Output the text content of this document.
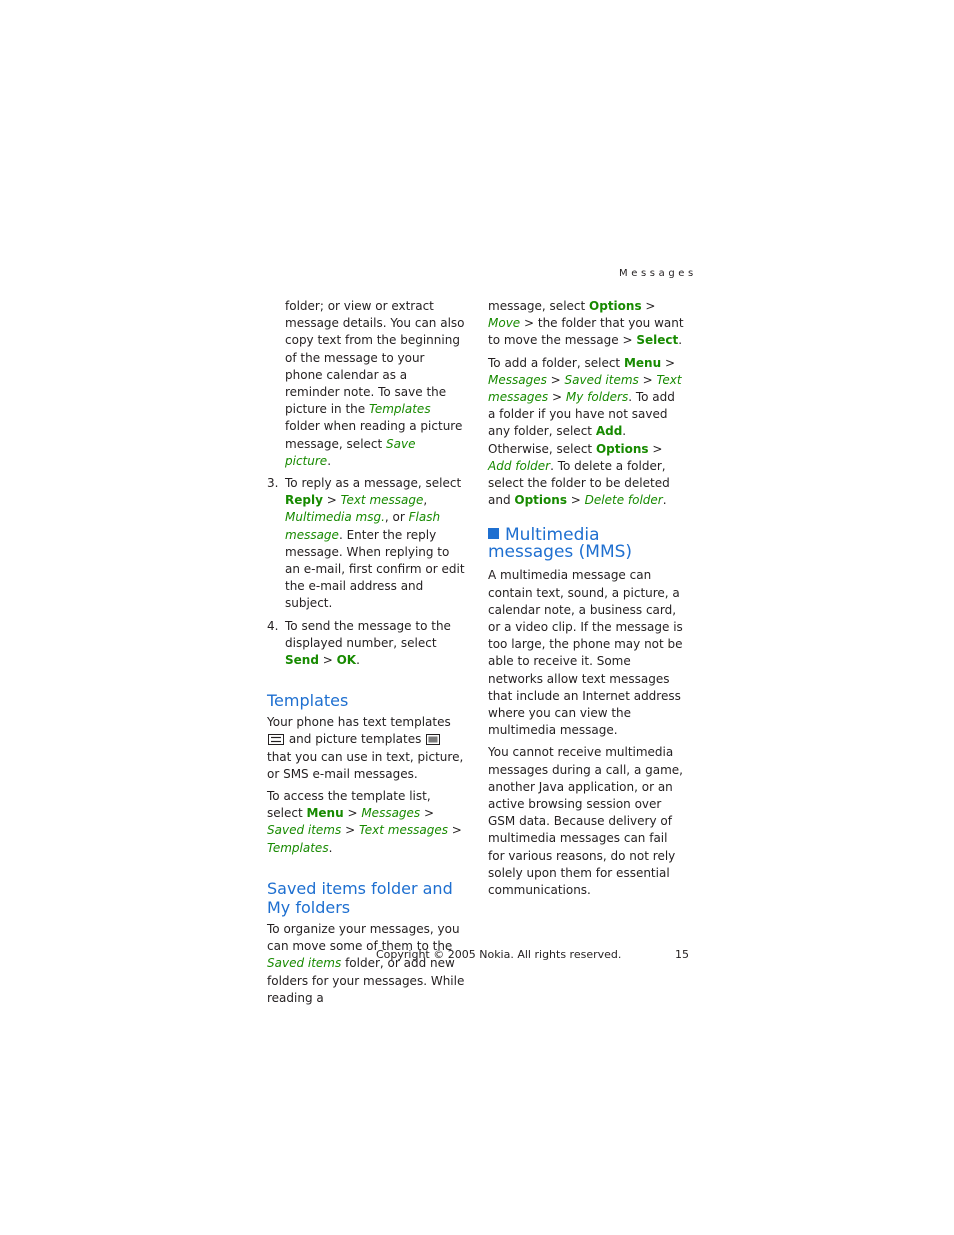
Messages

folder; or view or extract message details. You can also copy text from the beginning of the message to your phone calendar as a reminder note. To save the picture in the Templates folder when reading a picture message, select Save picture.

3. To reply as a message, select Reply > Text message, Multimedia msg., or Flash message. Enter the reply message. When replying to an e-mail, first confirm or edit the e-mail address and subject.
4. To send the message to the displayed number, select Send > OK.
Templates

Your phone has text templates  and picture templates  that you can use in text, picture, or SMS e-mail messages.

To access the template list, select Menu > Messages > Saved items > Text messages > Templates.

Saved items folder and My folders

To organize your messages, you can move some of them to the Saved items folder, or add new folders for your messages. While reading a

message, select Options > Move > the folder that you want to move the message > Select.

To add a folder, select Menu > Messages > Saved items > Text messages > My folders. To add a folder if you have not saved any folder, select Add. Otherwise, select Options > Add folder. To delete a folder, select the folder to be deleted and Options > Delete folder.

Multimedia messages (MMS)

A multimedia message can contain text, sound, a picture, a calendar note, a business card, or a video clip. If the message is too large, the phone may not be able to receive it. Some networks allow text messages that include an Internet address where you can view the multimedia message.

You cannot receive multimedia messages during a call, a game, another Java application, or an active browsing session over GSM data. Because delivery of multimedia messages can fail for various reasons, do not rely solely upon them for essential communications.

Copyright © 2005 Nokia. All rights reserved.	15
